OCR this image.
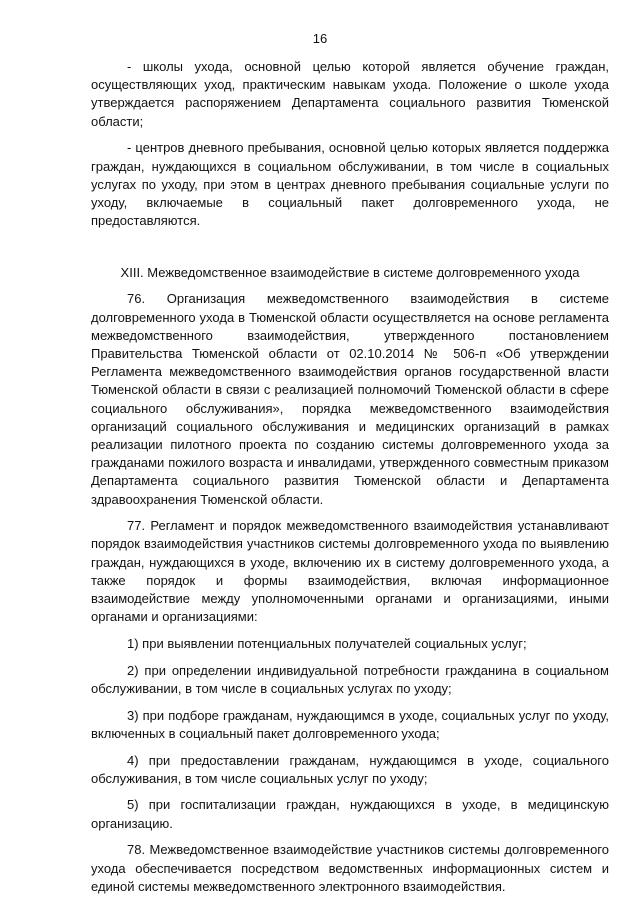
16

- школы ухода, основной целью которой является обучение граждан, осуществляющих уход, практическим навыкам ухода. Положение о школе ухода утверждается распоряжением Департамента социального развития Тюменской области;

- центров дневного пребывания, основной целью которых является поддержка граждан, нуждающихся в социальном обслуживании, в том числе в социальных услугах по уходу, при этом в центрах дневного пребывания социальные услуги по уходу, включаемые в социальный пакет долговременного ухода, не предоставляются.

XIII. Межведомственное взаимодействие в системе долговременного ухода

76. Организация межведомственного взаимодействия в системе долговременного ухода в Тюменской области осуществляется на основе регламента межведомственного взаимодействия, утвержденного постановлением Правительства Тюменской области от 02.10.2014 № 506-п «Об утверждении Регламента межведомственного взаимодействия органов государственной власти Тюменской области в связи с реализацией полномочий Тюменской области в сфере социального обслуживания», порядка межведомственного взаимодействия организаций социального обслуживания и медицинских организаций в рамках реализации пилотного проекта по созданию системы долговременного ухода за гражданами пожилого возраста и инвалидами, утвержденного совместным приказом Департамента социального развития Тюменской области и Департамента здравоохранения Тюменской области.

77. Регламент и порядок межведомственного взаимодействия устанавливают порядок взаимодействия участников системы долговременного ухода по выявлению граждан, нуждающихся в уходе, включению их в систему долговременного ухода, а также порядок и формы взаимодействия, включая информационное взаимодействие между уполномоченными органами и организациями, иными органами и организациями:

1) при выявлении потенциальных получателей социальных услуг;

2) при определении индивидуальной потребности гражданина в социальном обслуживании, в том числе в социальных услугах по уходу;

3) при подборе гражданам, нуждающимся в уходе, социальных услуг по уходу, включенных в социальный пакет долговременного ухода;

4) при предоставлении гражданам, нуждающимся в уходе, социального обслуживания, в том числе социальных услуг по уходу;

5) при госпитализации граждан, нуждающихся в уходе, в медицинскую организацию.

78. Межведомственное взаимодействие участников системы долговременного ухода обеспечивается посредством ведомственных информационных систем и единой системы межведомственного электронного взаимодействия.
